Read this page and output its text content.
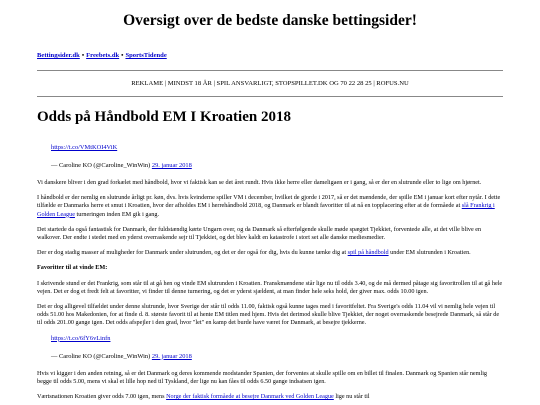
Oversigt over de bedste danske bettingsider!
Bettingsider.dk • Freebets.dk • SportsTidende
REKLAME | MINDST 18 ÅR | SPIL ANSVARLIGT, STOPSPILLET.DK OG 70 22 28 25 | ROFUS.NU
Odds på Håndbold EM I Kroatien 2018
https://t.co/VMtKOI4ViK
— Caroline KO (@Caroline_WinWin) 29. januar 2018

Vi danskere bliver i den grad forkælet med håndbold, hvor vi faktisk kan se det året rundt. Hvis ikke herre eller dameligaen er i gang, så er der en slutrunde eller to lige om hjørnet.

I håndbold er der nemlig en slutrunde årligt pr. køn, dvs. hvis kvinderne spiller VM i december, hvilket de gjorde i 2017, så er det mændende, der spille EM i januar kort efter nytår. I dette tilfælde er Danmarks herre et smut i Kroatien, hvor der afholdes EM i herrehåndbold 2018, og Danmark er blandt favoritter til at nå en topplacering efter at de formåede at slå Frankrig i Golden League turneringen inden EM gik i gang.

Det startede da også fantastisk for Danmark, der fuldstændig kørte Ungarn over, og da Danmark så efterfølgende skulle møde spægtet Tjekkiet, forventede alle, at det ville blive en walkover. Der endte i stedet med en yderst overraskende sejr til Tjekkiet, og det blev kaldt en katastrofe i stort set alle danske mediesmedier.

Der er dog stadig masser af muligheder for Danmark under slutrunden, og det er der også for dig, hvis du kunne tænke dig at spil på håndbold under EM slutrunden i Kroatien.

Favoritter til at vinde EM:

I skrivende stund er det Frankrig, som står til at gå hen og vinde EM slutrunden i Kroatien. Franskmændene står lige nu til odds 3.40, og de må dermed påtage sig favoritrollen til at gå hele vejen. Det er dog et fredt felt at favoritter, vi finder til denne turnering, og det er yderst sjældent, at man finder hele seks hold, der giver max. odds 10.00 igen.

Det er dog alligevel tilfældet under denne slutrunde, hvor Sverige der står til odds 11.00, faktisk også kunne tages med i favoritfeltet. Fra Sverige's odds 11.04 vil vi nemlig hele vejen til odds 51.00 hos Makedonien, for at finde d. 8. største favorit til at hente EM titlen med hjem. Hvis det derimod skulle blive Tjekkiet, der noget overraskende besejrede Danmark, så står de til odds 201.00 gange igen. Det odds afspejler i den grad, hvor "let" en kamp det burde have været for Danmark, at besejre tjekkerne.

https://t.co/6fY6vLinfn
— Caroline KO (@Caroline_WinWin) 29. januar 2018

Hvis vi kigger i den anden retning, så er det Danmark og deres kommende modstander Spanien, der forventes at skulle spille om en billet til finalen. Danmark og Spanien står nemlig begge til odds 5.00, mens vi skal et lille hop ned til Tyskland, der lige nu kan fåes til odds 6.50 gange indsatsen igen.

Værtsnationen Kroatien giver odds 7.00 igen, mens Norge der faktisk formåede at besejre Danmark ved Golden League lige nu står til
